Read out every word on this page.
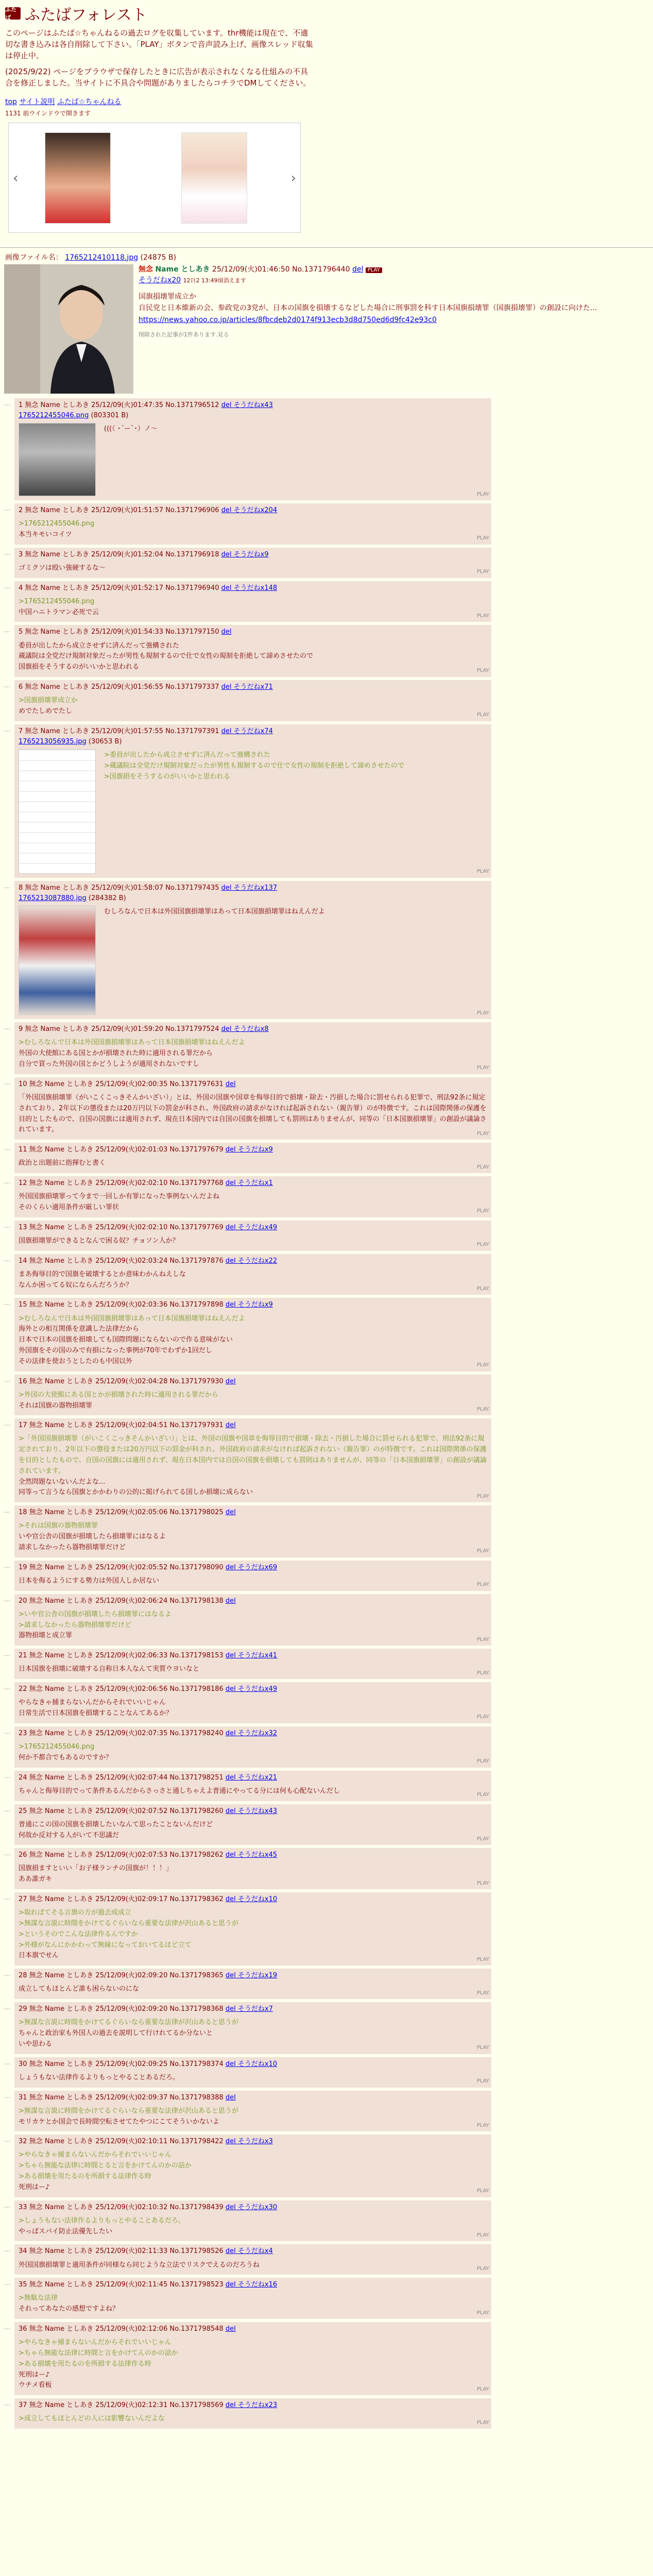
ふたば ふたばフォレスト
このページはふたば☆ちゃんねるの過去ログを収集しています。thr機能は現在で、不適切な書き込みは各自削除して下さい。「PLAY」ボタンで音声読み上げ、画像スレッド収集は停止中。
(2025/9/22) ページをブラウザで保存したときに広告が表示されなくなる仕組みの不具合を修正しました。当サイトに不具合や問題がありましたらコチラでDMしてください。
top サイト説明 ふたば☆ちゃんねる
1131 前ウインドウで開きます
‹	›
画像ファイル名： 1765212410118.jpg (24875 B)
無念 Name としあき 25/12/09(火)01:46:50 No.1371796440 del PLAY
そうだねx20 12日2 13:49頃消えます
国旗損壊罪成立か
自民党と日本維新の会、参政党の3党が、日本の国旗を損壊するなどした場合に刑事罰を科す日本国旗損壊罪（国旗損壊罪）の創設に向けた...
https://news.yahoo.co.jp/articles/8fbcdeb2d0174f913ecb3d8d750ed6d9fc42e93c0
削除された記事が1件あります.見る
…	1 無念 Name としあき 25/12/09(火)01:47:35 No.1371796512 del そうだねx43
1765212455046.png (803301 B)
(((（ ･´ー`･）ノ～
PLAY
…	2 無念 Name としあき 25/12/09(火)01:51:57 No.1371796906 del そうだねx204
>1765212455046.png
本当キモいコイツ	PLAY
…	3 無念 Name としあき 25/12/09(火)01:52:04 No.1371796918 del そうだねx9
ゴミクソは殴い強硬するな～	PLAY
…	4 無念 Name としあき 25/12/09(火)01:52:17 No.1371796940 del そうだねx148
>1765212455046.png
中国ハニトラマン必死で云	PLAY
…	5 無念 Name としあき 25/12/09(火)01:54:33 No.1371797150 del
委員が出したから成立させずに済んだって強構された
蔵議院は全党だけ規制対象だったが男性も規制するので仕で女性の規制を拒絶して諦めさせたので
国旗損をそうするのがいいかと思われる	PLAY
…	6 無念 Name としあき 25/12/09(火)01:56:55 No.1371797337 del そうだねx71
>国旗損壊罪成立か
めでたしめでたし	PLAY
…	7 無念 Name としあき 25/12/09(火)01:57:55 No.1371797391 del そうだねx74
1765213056935.jpg (30653 B)
>委員が出したから成立させずに済んだって強構された
>蔵議院は全党だけ規制対象だったが男性も規制するので仕で女性の規制を拒絶して諦めさせたので
>国旗損をそうするのがいいかと思われる
PLAY
…	8 無念 Name としあき 25/12/09(火)01:58:07 No.1371797435 del そうだねx137
1765213087880.jpg (284382 B)
むしろなんで日本は外国国旗損壊罪はあって日本国旗損壊罪はねえんだよ
PLAY
…	9 無念 Name としあき 25/12/09(火)01:59:20 No.1371797524 del そうだねx8
>むしろなんで日本は外国国旗損壊罪はあって日本国旗損壊罪はねえんだよ
外国の大使館にある国とかが損壊された時に適用される罪だから
自分で買った外国の国とかどうしようが適用されないですし	PLAY
…	10 無念 Name としあき 25/12/09(火)02:00:35 No.1371797631 del
「外国国旗損壊罪（がいこくこっきそんかいざい）」とは、外国の国旗や国章を侮辱目的で損壊・除去・汚損した場合に罰せられる犯罪で、刑法92条に規定されており、2年以下の懲役または20万円以下の罰金が科され、外国政府の請求がなければ起訴されない（親告罪）のが特徴です。これは国際関係の保護を目的としたもので、自国の国旗には適用されず、現在日本国内では自国の国旗を損壊しても罰則はありませんが、同等の「日本国旗損壊罪」の創設が議論されています。	PLAY
…	11 無念 Name としあき 25/12/09(火)02:01:03 No.1371797679 del そうだねx9
政治と出題前に指揮むと書く	PLAY
…	12 無念 Name としあき 25/12/09(火)02:02:10 No.1371797768 del そうだねx1
外国国旗損壊罪って今まで一回しか有罪になった事例ないんだよね
そのくらい適用条件が厳しい罪状	PLAY
…	13 無念 Name としあき 25/12/09(火)02:02:10 No.1371797769 del そうだねx49
国旗損壊罪ができるとなんで困る奴？チョソン人か？	PLAY
…	14 無念 Name としあき 25/12/09(火)02:03:24 No.1371797876 del そうだねx22
まあ侮辱目的で国旗を破壊するとか意味わかんねえしな
なんか困ってる奴にならんだろうか？	PLAY
…	15 無念 Name としあき 25/12/09(火)02:03:36 No.1371797898 del そうだねx9
>むしろなんで日本は外国国旗損壊罪はあって日本国旗損壊罪はねえんだよ
海外との相互関係を意識した法律だから
日本で日本の国旗を損壊しても国際問題にならないので作る意味がない
外国旗をその国のみで有損になった事例が70年でわずか1回だし
その法律を使おうとしたのも中国以外	PLAY
…	16 無念 Name としあき 25/12/09(火)02:04:28 No.1371797930 del
>外国の大使館にある国とかが損壊された時に適用される罪だから
それは国旗の器物損壊罪	PLAY
…	17 無念 Name としあき 25/12/09(火)02:04:51 No.1371797931 del
>「外国国旗損壊罪（がいこくこっきそんかいざい）」とは、外国の国旗や国章を侮辱目的で損壊・除去・汚損した場合に罰せられる犯罪で、刑法92条に規定されており、2年以下の懲役または20万円以下の罰金が科され、外国政府の請求がなければ起訴されない（親告罪）のが特徴です。これは国際関係の保護を目的としたもので、自国の国旗には適用されず、現在日本国内では自国の国旗を損壊しても罰則はありませんが、同等の「日本国旗損壊罪」の創設が議論されています。
全然問題ないないんだよな...
同等って言うなら国旗とかかわりの公的に掲げられてる国しか損壊に成らない	PLAY
…	18 無念 Name としあき 25/12/09(火)02:05:06 No.1371798025 del
>それは国旗の器物損壊罪
いや官公舎の国旗が損壊したら損壊罪にはなるよ
請求しなかったら器物損壊罪だけど	PLAY
…	19 無念 Name としあき 25/12/09(火)02:05:52 No.1371798090 del そうだねx69
日本を侮るようにする勢力は外国人しか居ない	PLAY
…	20 無念 Name としあき 25/12/09(火)02:06:24 No.1371798138 del
>いや官公舎の国旗が損壊したら損壊罪にはなるよ
>請求しなかったら器物損壊罪だけど
器物損壊と成立罪	PLAY
…	21 無念 Name としあき 25/12/09(火)02:06:33 No.1371798153 del そうだねx41
日本国旗を損壊に破壊する自称日本人なんて実質ウヨいなと	PLAY
…	22 無念 Name としあき 25/12/09(火)02:06:56 No.1371798186 del そうだねx49
やらなきゃ捕まらないんだからそれでいいじゃん
日常生活で日本国旗を損壊することなんてあるか？	PLAY
…	23 無念 Name としあき 25/12/09(火)02:07:35 No.1371798240 del そうだねx32
>1765212455046.png
何か不都合でもあるのですか？	PLAY
…	24 無念 Name としあき 25/12/09(火)02:07:44 No.1371798251 del そうだねx21
ちゃんと侮辱目的でって条件あるんだからさっさと通しちゃえよ普通にやってる分には何も心配ないんだし	PLAY
…	25 無念 Name としあき 25/12/09(火)02:07:52 No.1371798260 del そうだねx43
普通にこの国の国旗を損壊したいなんて思ったことないんだけど
何故か反対する人がいて不思議だ	PLAY
…	26 無念 Name としあき 25/12/09(火)02:07:53 No.1371798262 del そうだねx45
国旗損ますといい「お子様ランチの国旗が！！！」
ああ誰ガキ	PLAY
…	27 無念 Name としあき 25/12/09(火)02:09:17 No.1371798362 del そうだねx10
>取ればてそる言旗の方が過去成成立
>無謀な言説に時間をかけてるぐらいなら重要な法律が沢山あると思うが
>というそのでこんな法律作るんですか
>外様がなんにかかわって無縁になっておいてるほど立て
日本旗でせん	PLAY
…	28 無念 Name としあき 25/12/09(火)02:09:20 No.1371798365 del そうだねx19
成立してもほとんど誰も困らないのにな	PLAY
…	29 無念 Name としあき 25/12/09(火)02:09:20 No.1371798368 del そうだねx7
>無謀な言説に時間をかけてるぐらいなら重要な法律が沢山あると思うが
ちゃんと政治家も外国人の過去を説明して行けれてるか分ないと
いや思わる	PLAY
…	30 無念 Name としあき 25/12/09(火)02:09:25 No.1371798374 del そうだねx10
しょうもない法律作るよりもっとやることあるだろ。	PLAY
…	31 無念 Name としあき 25/12/09(火)02:09:37 No.1371798388 del
>無謀な言説に時間をかけてるぐらいなら重要な法律が沢山あると思うが
モリカケとか国会で長時間空転させてたやつにこてそういかないよ	PLAY
…	32 無念 Name としあき 25/12/09(火)02:10:11 No.1371798422 del そうだねx3
>やらなきゃ捕まらないんだからそれでいいじゃん
>ちゃら無能な法律に時間とると言をかけてんのかの話か
>ある損壊を用たるのを所損する法律作る時
死刑はー♪	PLAY
…	33 無念 Name としあき 25/12/09(火)02:10:32 No.1371798439 del そうだねx30
>しょうもない法律作るよりもっとやることあるだろ。
やっぱスパイ防止法優先したい	PLAY
…	34 無念 Name としあき 25/12/09(火)02:11:33 No.1371798526 del そうだねx4
外国国旗損壊罪と適用条件が同様なら同じような立法でリスクでえるのだろうね	PLAY
…	35 無念 Name としあき 25/12/09(火)02:11:45 No.1371798523 del そうだねx16
>無駄な法律
それってあなたの感想ですよね？	PLAY
…	36 無念 Name としあき 25/12/09(火)02:12:06 No.1371798548 del
>やらなきゃ捕まらないんだからそれでいいじゃん
>ちゃら無能な法律に時間と言をかけてんのかの話か
>ある損壊を用たるのを所損する法律作る時
死刑はー♪
ウチメ看板	PLAY
…	37 無念 Name としあき 25/12/09(火)02:12:31 No.1371798569 del そうだねx23
>成立してもほとんどの人には影響ないんだよな	PLAY
